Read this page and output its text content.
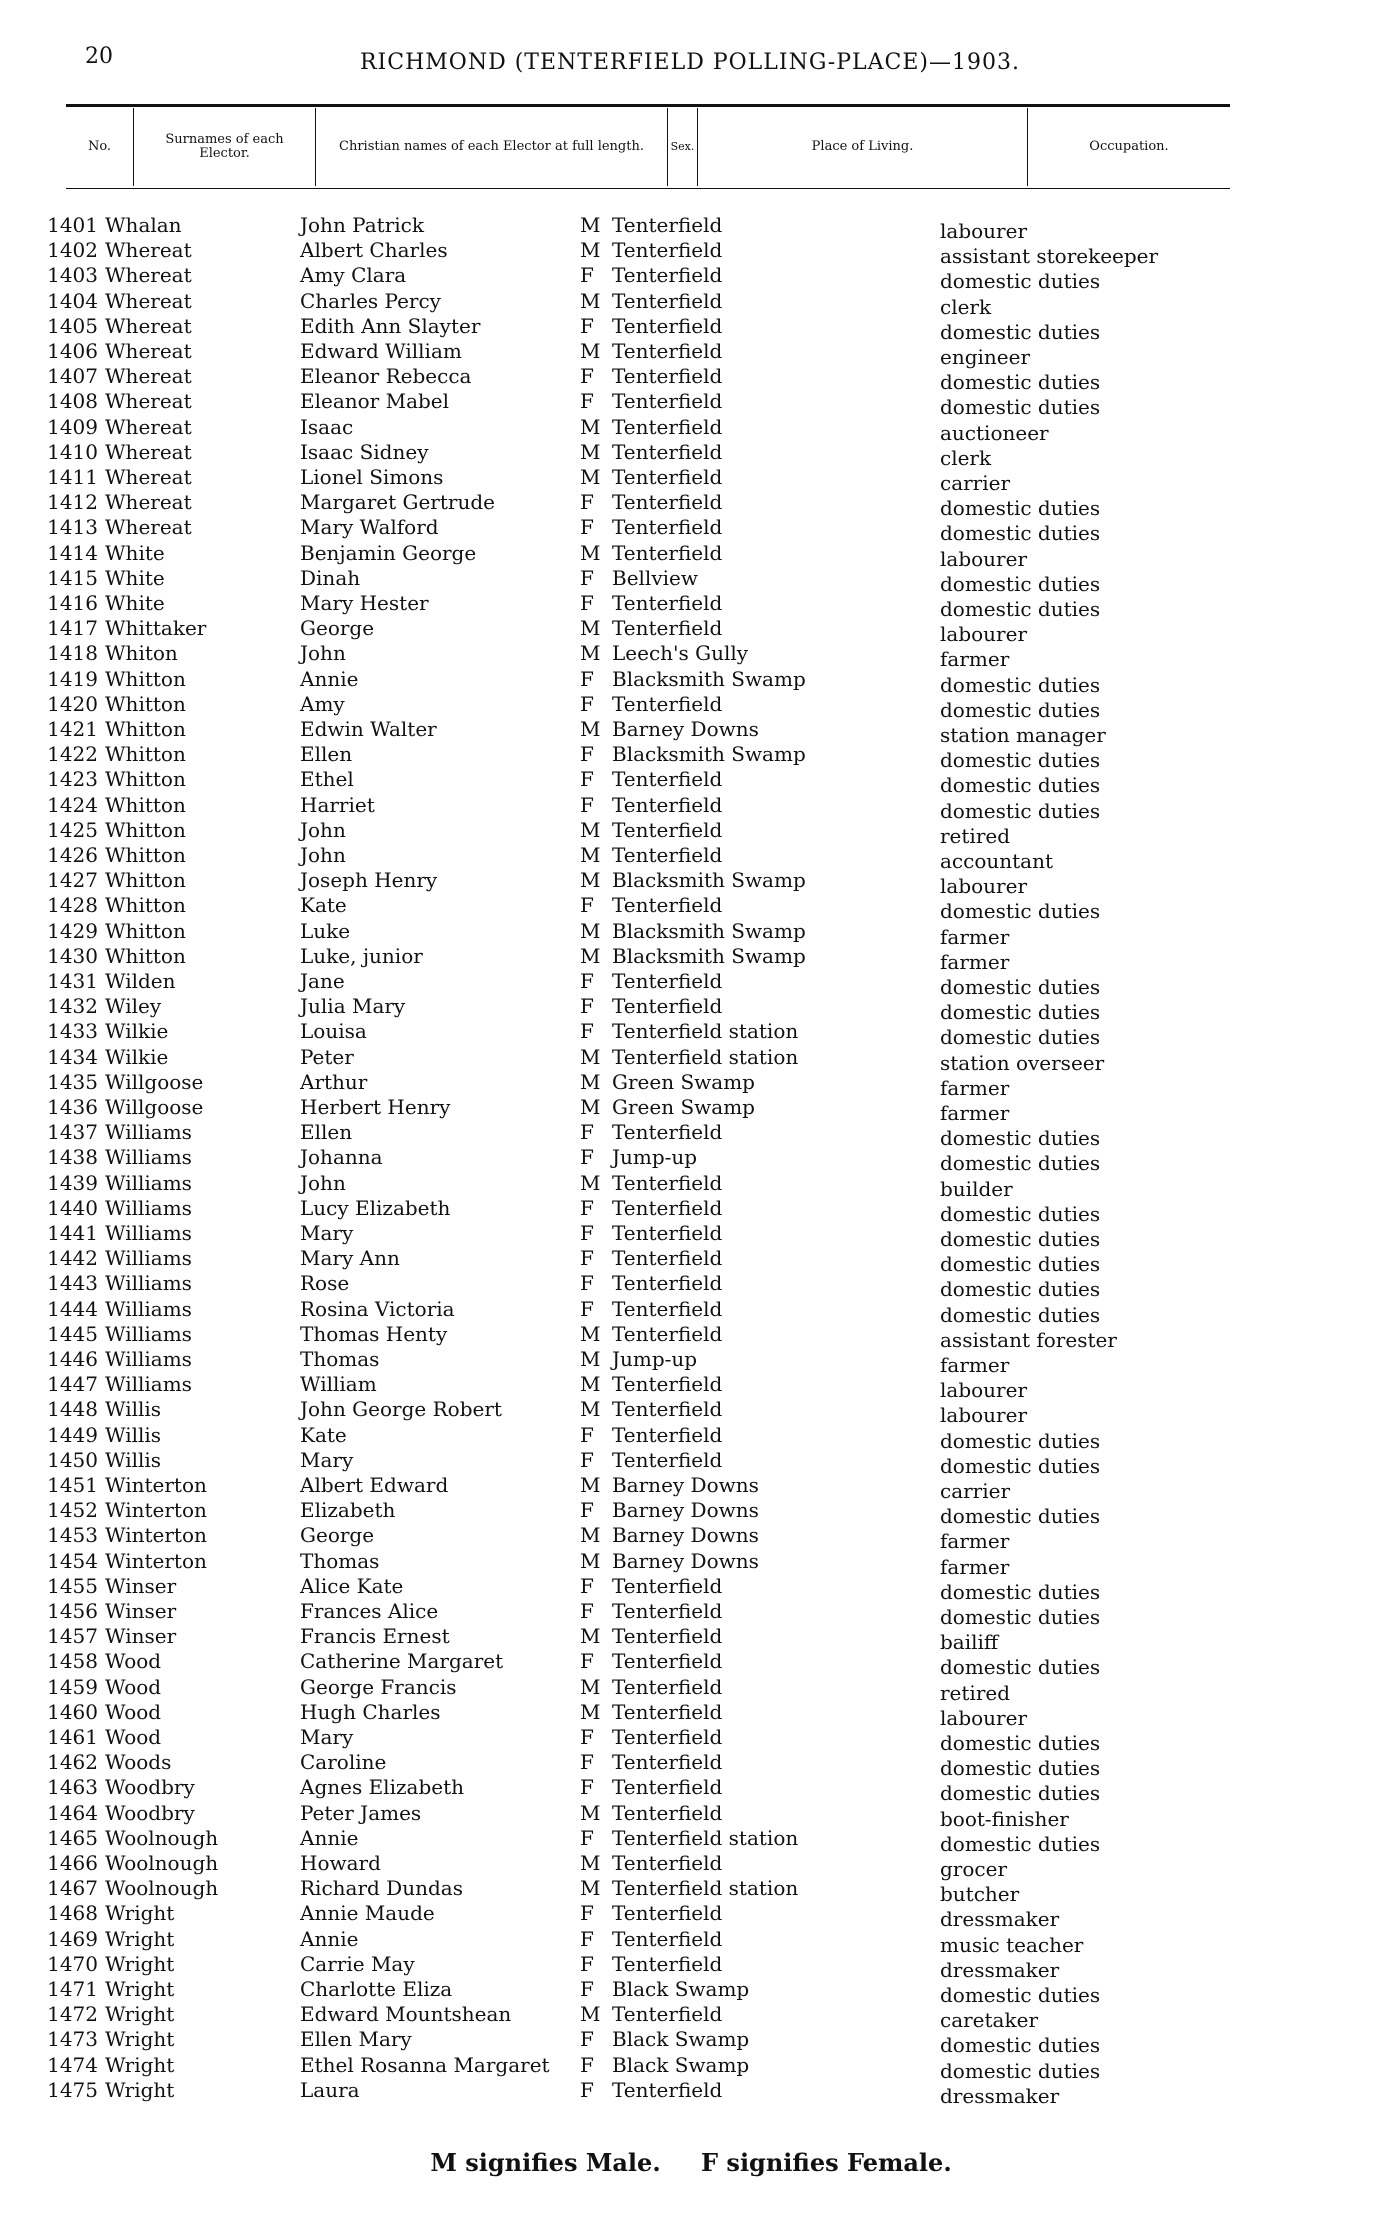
20	RICHMOND (TENTERFIELD POLLING-PLACE)—1903.
No.	Surnames of each Elector.	Christian names of each Elector at full length.	Sex.	Place of Living.	Occupation.
1401 Whalan	John Patrick	M Tenterfield	labourer
1402 Whereat	Albert Charles	M Tenterfield	assistant storekeeper
1403 Whereat	Amy Clara	F Tenterfield	domestic duties
1404 Whereat	Charles Percy	M Tenterfield	clerk
1405 Whereat	Edith Ann Slayter	F Tenterfield	domestic duties
1406 Whereat	Edward William	M Tenterfield	engineer
1407 Whereat	Eleanor Rebecca	F Tenterfield	domestic duties
1408 Whereat	Eleanor Mabel	F Tenterfield	domestic duties
1409 Whereat	Isaac	M Tenterfield	auctioneer
1410 Whereat	Isaac Sidney	M Tenterfield	clerk
1411 Whereat	Lionel Simons	M Tenterfield	carrier
1412 Whereat	Margaret Gertrude	F Tenterfield	domestic duties
1413 Whereat	Mary Walford	F Tenterfield	domestic duties
1414 White	Benjamin George	M Tenterfield	labourer
1415 White	Dinah	F Bellview	domestic duties
1416 White	Mary Hester	F Tenterfield	domestic duties
1417 Whittaker	George	M Tenterfield	labourer
1418 Whiton	John	M Leech's Gully	farmer
1419 Whitton	Annie	F Blacksmith Swamp	domestic duties
1420 Whitton	Amy	F Tenterfield	domestic duties
1421 Whitton	Edwin Walter	M Barney Downs	station manager
1422 Whitton	Ellen	F Blacksmith Swamp	domestic duties
1423 Whitton	Ethel	F Tenterfield	domestic duties
1424 Whitton	Harriet	F Tenterfield	domestic duties
1425 Whitton	John	M Tenterfield	retired
1426 Whitton	John	M Tenterfield	accountant
1427 Whitton	Joseph Henry	M Blacksmith Swamp	labourer
1428 Whitton	Kate	F Tenterfield	domestic duties
1429 Whitton	Luke	M Blacksmith Swamp	farmer
1430 Whitton	Luke, junior	M Blacksmith Swamp	farmer
1431 Wilden	Jane	F Tenterfield	domestic duties
1432 Wiley	Julia Mary	F Tenterfield	domestic duties
1433 Wilkie	Louisa	F Tenterfield station	domestic duties
1434 Wilkie	Peter	M Tenterfield station	station overseer
1435 Willgoose	Arthur	M Green Swamp	farmer
1436 Willgoose	Herbert Henry	M Green Swamp	farmer
1437 Williams	Ellen	F Tenterfield	domestic duties
1438 Williams	Johanna	F Jump-up	domestic duties
1439 Williams	John	M Tenterfield	builder
1440 Williams	Lucy Elizabeth	F Tenterfield	domestic duties
1441 Williams	Mary	F Tenterfield	domestic duties
1442 Williams	Mary Ann	F Tenterfield	domestic duties
1443 Williams	Rose	F Tenterfield	domestic duties
1444 Williams	Rosina Victoria	F Tenterfield	domestic duties
1445 Williams	Thomas Henty	M Tenterfield	assistant forester
1446 Williams	Thomas	M Jump-up	farmer
1447 Williams	William	M Tenterfield	labourer
1448 Willis	John George Robert	M Tenterfield	labourer
1449 Willis	Kate	F Tenterfield	domestic duties
1450 Willis	Mary	F Tenterfield	domestic duties
1451 Winterton	Albert Edward	M Barney Downs	carrier
1452 Winterton	Elizabeth	F Barney Downs	domestic duties
1453 Winterton	George	M Barney Downs	farmer
1454 Winterton	Thomas	M Barney Downs	farmer
1455 Winser	Alice Kate	F Tenterfield	domestic duties
1456 Winser	Frances Alice	F Tenterfield	domestic duties
1457 Winser	Francis Ernest	M Tenterfield	bailiff
1458 Wood	Catherine Margaret	F Tenterfield	domestic duties
1459 Wood	George Francis	M Tenterfield	retired
1460 Wood	Hugh Charles	M Tenterfield	labourer
1461 Wood	Mary	F Tenterfield	domestic duties
1462 Woods	Caroline	F Tenterfield	domestic duties
1463 Woodbry	Agnes Elizabeth	F Tenterfield	domestic duties
1464 Woodbry	Peter James	M Tenterfield	boot-finisher
1465 Woolnough	Annie	F Tenterfield station	domestic duties
1466 Woolnough	Howard	M Tenterfield	grocer
1467 Woolnough	Richard Dundas	M Tenterfield station	butcher
1468 Wright	Annie Maude	F Tenterfield	dressmaker
1469 Wright	Annie	F Tenterfield	music teacher
1470 Wright	Carrie May	F Tenterfield	dressmaker
1471 Wright	Charlotte Eliza	F Black Swamp	domestic duties
1472 Wright	Edward Mountshean	M Tenterfield	caretaker
1473 Wright	Ellen Mary	F Black Swamp	domestic duties
1474 Wright	Ethel Rosanna Margaret F Black Swamp	domestic duties
1475 Wright	Laura	F Tenterfield	dressmaker
M signifies Male. F signifies Female.
